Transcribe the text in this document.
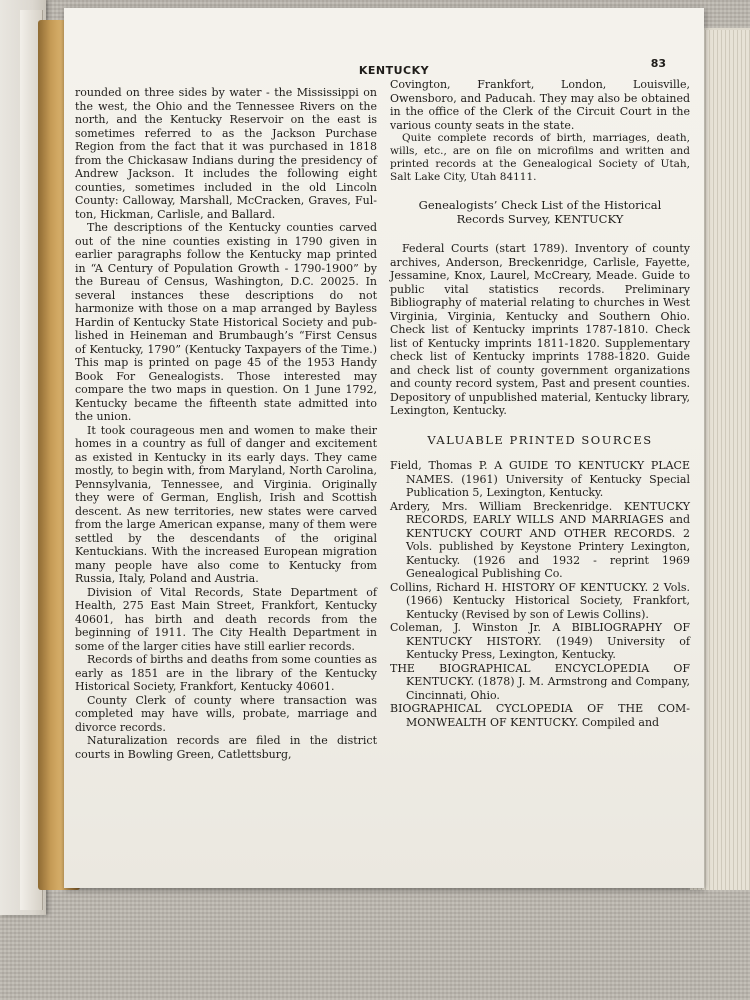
KENTUCKY
83

rounded on three sides by water - the Mississippi on the west, the Ohio and the Tennessee Rivers on the north, and the Kentucky Reservoir on the east is sometimes referred to as the Jackson Purchase Region from the fact that it was purchased in 1818 from the Chickasaw Indians during the presidency of Andrew Jackson. It includes the following eight counties, sometimes included in the old Lincoln County: Calloway, Marshall, McCracken, Graves, Fulton, Hickman, Carlisle, and Ballard.

The descriptions of the Kentucky counties carved out of the nine counties existing in 1790 given in earlier paragraphs follow the Kentucky map printed in “A Century of Population Growth - 1790-1900” by the Bureau of Census, Washington, D.C. 20025. In several instances these descriptions do not harmonize with those on a map arranged by Bayless Hardin of Kentucky State Historical Society and published in Heineman and Brumbaugh’s “First Census of Kentucky, 1790” (Kentucky Taxpayers of the Time.) This map is printed on page 45 of the 1953 Handy Book For Genealogists. Those interested may compare the two maps in question. On 1 June 1792, Kentucky became the fifteenth state admitted into the union.

It took courageous men and women to make their homes in a country as full of danger and excitement as existed in Kentucky in its early days. They came mostly, to begin with, from Maryland, North Carolina, Pennsylvania, Tennessee, and Virginia. Originally they were of German, English, Irish and Scottish descent. As new territories, new states were carved from the large American expanse, many of them were settled by the descendants of the original Kentuckians. With the increased European migration many people have also come to Kentucky from Russia, Italy, Poland and Austria.

Division of Vital Records, State Department of Health, 275 East Main Street, Frankfort, Kentucky 40601, has birth and death records from the beginning of 1911. The City Health Department in some of the larger cities have still earlier records.

Records of births and deaths from some counties as early as 1851 are in the library of the Kentucky Historical Society, Frankfort, Kentucky 40601.

County Clerk of county where transaction was completed may have wills, probate, marriage and divorce records.

Naturalization records are filed in the district courts in Bowling Green, Catlettsburg,

Covington, Frankfort, London, Louisville, Owensboro, and Paducah. They may also be obtained in the office of the Clerk of the Circuit Court in the various county seats in the state.

Quite complete records of birth, marriages, death, wills, etc., are on file on microfilms and written and printed records at the Genealogical Society of Utah, Salt Lake City, Utah 84111.

Genealogists’ Check List of the Historical
Records Survey, KENTUCKY

Federal Courts (start 1789). Inventory of county archives, Anderson, Breckenridge, Carlisle, Fayette, Jessamine, Knox, Laurel, McCreary, Meade. Guide to public vital statistics records. Preliminary Bibliography of material relating to churches in West Virginia, Virginia, Kentucky and Southern Ohio. Check list of Kentucky imprints 1787-1810. Check list of Kentucky imprints 1811-1820. Supplementary check list of Kentucky imprints 1788-1820. Guide and check list of county government organizations and county record system, Past and present counties. Depository of unpublished material, Kentucky library, Lexington, Kentucky.

VALUABLE PRINTED SOURCES

Field, Thomas P. A GUIDE TO KENTUCKY PLACE NAMES. (1961) University of Kentucky Special Publication 5, Lexington, Kentucky.

Ardery, Mrs. William Breckenridge. KENTUCKY RECORDS, EARLY WILLS AND MARRIAGES and KENTUCKY COURT AND OTHER RECORDS. 2 Vols. published by Keystone Printery Lexington, Kentucky. (1926 and 1932 - reprint 1969 Genealogical Publishing Co.

Collins, Richard H. HISTORY OF KENTUCKY. 2 Vols. (1966) Kentucky Historical Society, Frankfort, Kentucky (Revised by son of Lewis Collins).

Coleman, J. Winston Jr. A BIBLIOGRAPHY OF KENTUCKY HISTORY. (1949) University of Kentucky Press, Lexington, Kentucky.

THE BIOGRAPHICAL ENCYCLOPEDIA OF KENTUCKY. (1878) J. M. Armstrong and Company, Cincinnati, Ohio.

BIOGRAPHICAL CYCLOPEDIA OF THE COMMONWEALTH OF KENTUCKY. Compiled and
